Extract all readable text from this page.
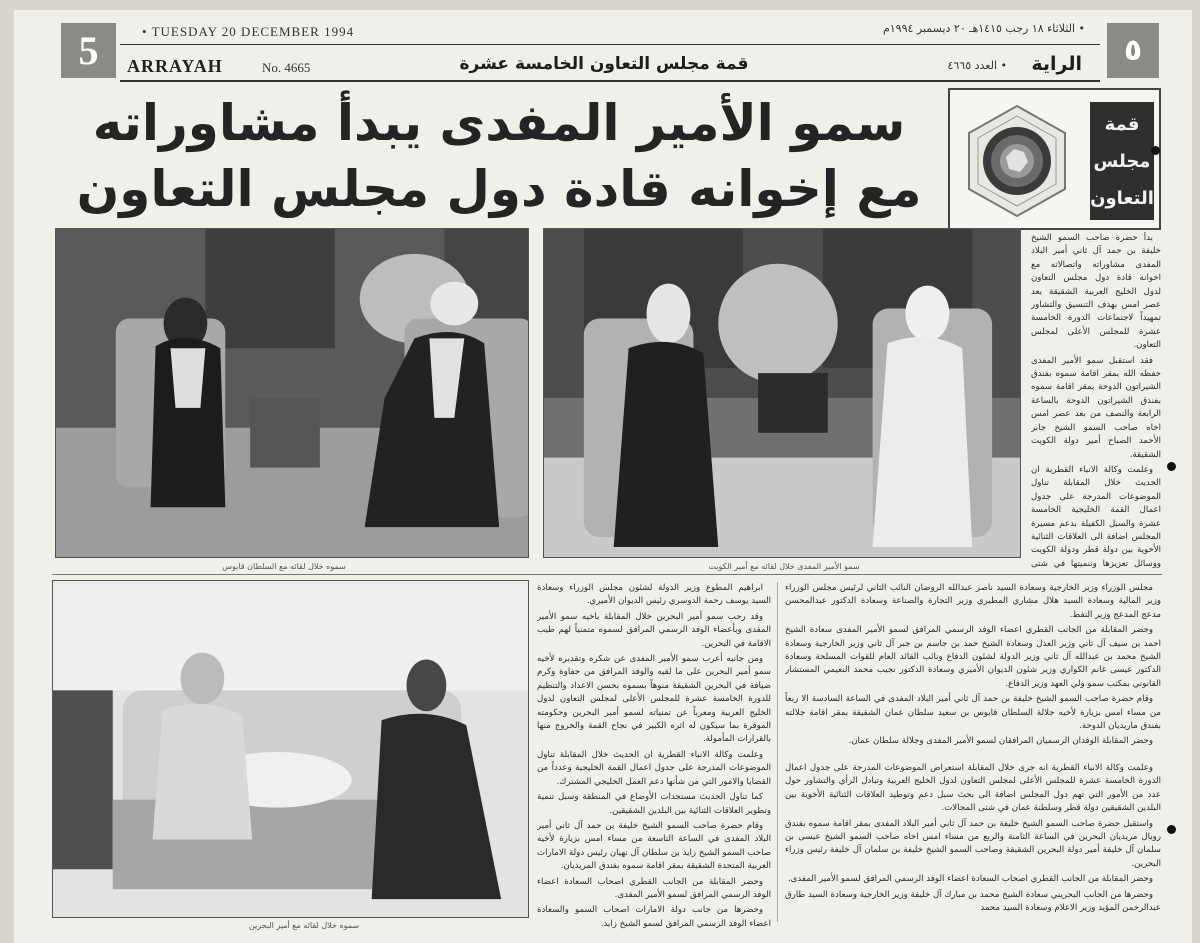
5	٥
• TUESDAY 20 DECEMBER 1994	• الثلاثاء ١٨ رجب ١٤١٥هـ ٢٠ ديسمبر ١٩٩٤م
ARRAYAH	No. 4665	قمة مجلس التعاون الخامسة عشرة	• العدد ٤٦٦٥ الراية
سمو الأمير المفدى يبدأ مشاوراته
مع إخوانه قادة دول مجلس التعاون
قمة
مجلس
التعاون
سموه خلال لقائه مع السلطان قابوس	سمو الأمير المفدى خلال لقائه مع أمير الكويت
سموه خلال لقائه مع أمير البحرين

بدأ حضرة صاحب السمو الشيخ خليفة بن حمد آل ثاني أمير البلاد المفدى مشاوراته واتصالاته مع اخوانه قادة دول مجلس التعاون لدول الخليج العربية الشقيقة بعد عصر امس بهدف التنسيق والتشاور تمهيداً لاجتماعات الدورة الخامسة عشرة للمجلس الأعلى لمجلس التعاون.

فقد استقبل سمو الأمير المفدى حفظه الله بمقر اقامة سموه بفندق الشيراتون الدوحة بمقر اقامة سموه بفندق الشيراتون الدوحة بالساعة الرابعة والنصف من بعد عصر امس اخاه صاحب السمو الشيخ جابر الأحمد الصباح أمير دولة الكويت الشقيقة.

وعلمت وكالة الانباء القطرية ان الحديث خلال المقابلة تناول الموضوعات المدرجة على جدول اعمال القمة الخليجية الخامسة عشرة والسبل الكفيلة بدعم مسيرة المجلس اضافة الى العلاقات الثنائية الأخوية بين دولة قطر ودولة الكويت ووسائل تعزيزها وتنميتها في شتى

مجلس الوزراء وزير الخارجية وسعادة السيد ناصر عبدالله الروضان النائب الثاني لرئيس مجلس الوزراء وزير المالية وسعادة السيد هلال مشاري المطيري وزير التجارة والصناعة وسعادة الدكتور عبدالمحسن مدعج المدعج وزير النفط.

وحضر المقابلة من الجانب القطري اعضاء الوفد الرسمي المرافق لسمو الأمير المفدى سعادة الشيخ احمد بن سيف آل ثاني وزير العدل وسعادة الشيخ حمد بن جاسم بن جبر آل ثاني وزير الخارجية وسعادة الشيخ محمد بن عبدالله آل ثاني وزير الدولة لشئون الدفاع ونائب القائد العام للقوات المسلحة وسعادة الدكتور عيسى غانم الكواري وزير شئون الديوان الأميري وسعادة الدكتور نجيب محمد النعيمي المستشار القانوني بمكتب سمو ولي العهد وزير الدفاع.

وقام حضرة صاحب السمو الشيخ خليفة بن حمد آل ثاني أمير البلاد المفدى في الساعة السادسة الا ربعاً من مساء امس بزيارة لأخيه جلالة السلطان قابوس بن سعيد سلطان عمان الشقيقة بمقر اقامة جلالته بفندق ماريديان الدوحة.

وحضر المقابلة الوفدان الرسميان المرافقان لسمو الأمير المفدى وجلالة سلطان عمان.

وعلمت وكالة الانباء القطرية انه جرى خلال المقابلة استعراض الموضوعات المدرجة على جدول اعمال الدورة الخامسة عشرة للمجلس الأعلى لمجلس التعاون لدول الخليج العربية وتبادل الرأي والتشاور حول عدد من الأمور التي تهم دول المجلس اضافة الى بحث سبل دعم وتوطيد العلاقات الثنائية الأخوية بين البلدين الشقيقين دولة قطر وسلطنة عمان في شتى المجالات.

واستقبل حضرة صاحب السمو الشيخ خليفة بن حمد آل ثاني أمير البلاد المفدى بمقر اقامة سموه بفندق رويال مريديان البحرين في الساعة الثامنة والربع من مساء امس اخاه صاحب السمو الشيخ عيسى بن سلمان آل خليفة أمير دولة البحرين الشقيقة وصاحب السمو الشيخ خليفة بن سلمان آل خليفة رئيس وزراء البحرين.

وحضر المقابلة من الجانب القطري اصحاب السعادة اعضاء الوفد الرسمي المرافق لسمو الأمير المفدى.

وحضرها من الجانب البحريني سعادة الشيخ محمد بن مبارك آل خليفة وزير الخارجية وسعادة السيد طارق عبدالرحمن المؤيد وزير الاعلام وسعادة السيد محمد

ابراهيم المطوع وزير الدولة لشئون مجلس الوزراء وسعادة السيد يوسف رحمة الدوسري رئيس الديوان الأميري.

وقد رحب سمو أمير البحرين خلال المقابلة باخيه سمو الأمير المفدى وبأعضاء الوفد الرسمي المرافق لسموه متمنياً لهم طيب الاقامة في البحرين.

ومن جانبه أعرب سمو الأمير المفدى عن شكره وتقديره لأخيه سمو أمير البحرين على ما لقيه والوفد المرافق من حفاوة وكرم ضيافة في البحرين الشقيقة منوهاً بسموه بحسن الاعداد والتنظيم للدورة الخامسة عشرة للمجلس الأعلى لمجلس التعاون لدول الخليج العربية ومعرباً عن تمنياته لسمو أمير البحرين وحكومته الموقرة بما سيكون له اثره الكبير في نجاح القمة والخروج منها بالقرارات المأمولة.

وعلمت وكالة الانباء القطرية ان الحديث خلال المقابلة تناول الموضوعات المدرجة على جدول اعمال القمة الخليجية وعدداً من القضايا والامور التي من شأنها دعم العمل الخليجي المشترك.

كما تناول الحديث مستجدات الأوضاع في المنطقة وسبل تنمية وتطوير العلاقات الثنائية بين البلدين الشقيقين.

وقام حضرة صاحب السمو الشيخ خليفة بن حمد آل ثاني أمير البلاد المفدى في الساعة التاسعة من مساء امس بزيارة لأخيه صاحب السمو الشيخ زايد بن سلطان آل نهيان رئيس دولة الامارات العربية المتحدة الشقيقة بمقر اقامة سموه بفندق المريديان.

وحضر المقابلة من الجانب القطري اصحاب السعادة اعضاء الوفد الرسمي المرافق لسمو الأمير المفدى.

وحضرها من جانب دولة الامارات اصحاب السمو والسعادة اعضاء الوفد الرسمي المرافق لسمو الشيخ زايد.
